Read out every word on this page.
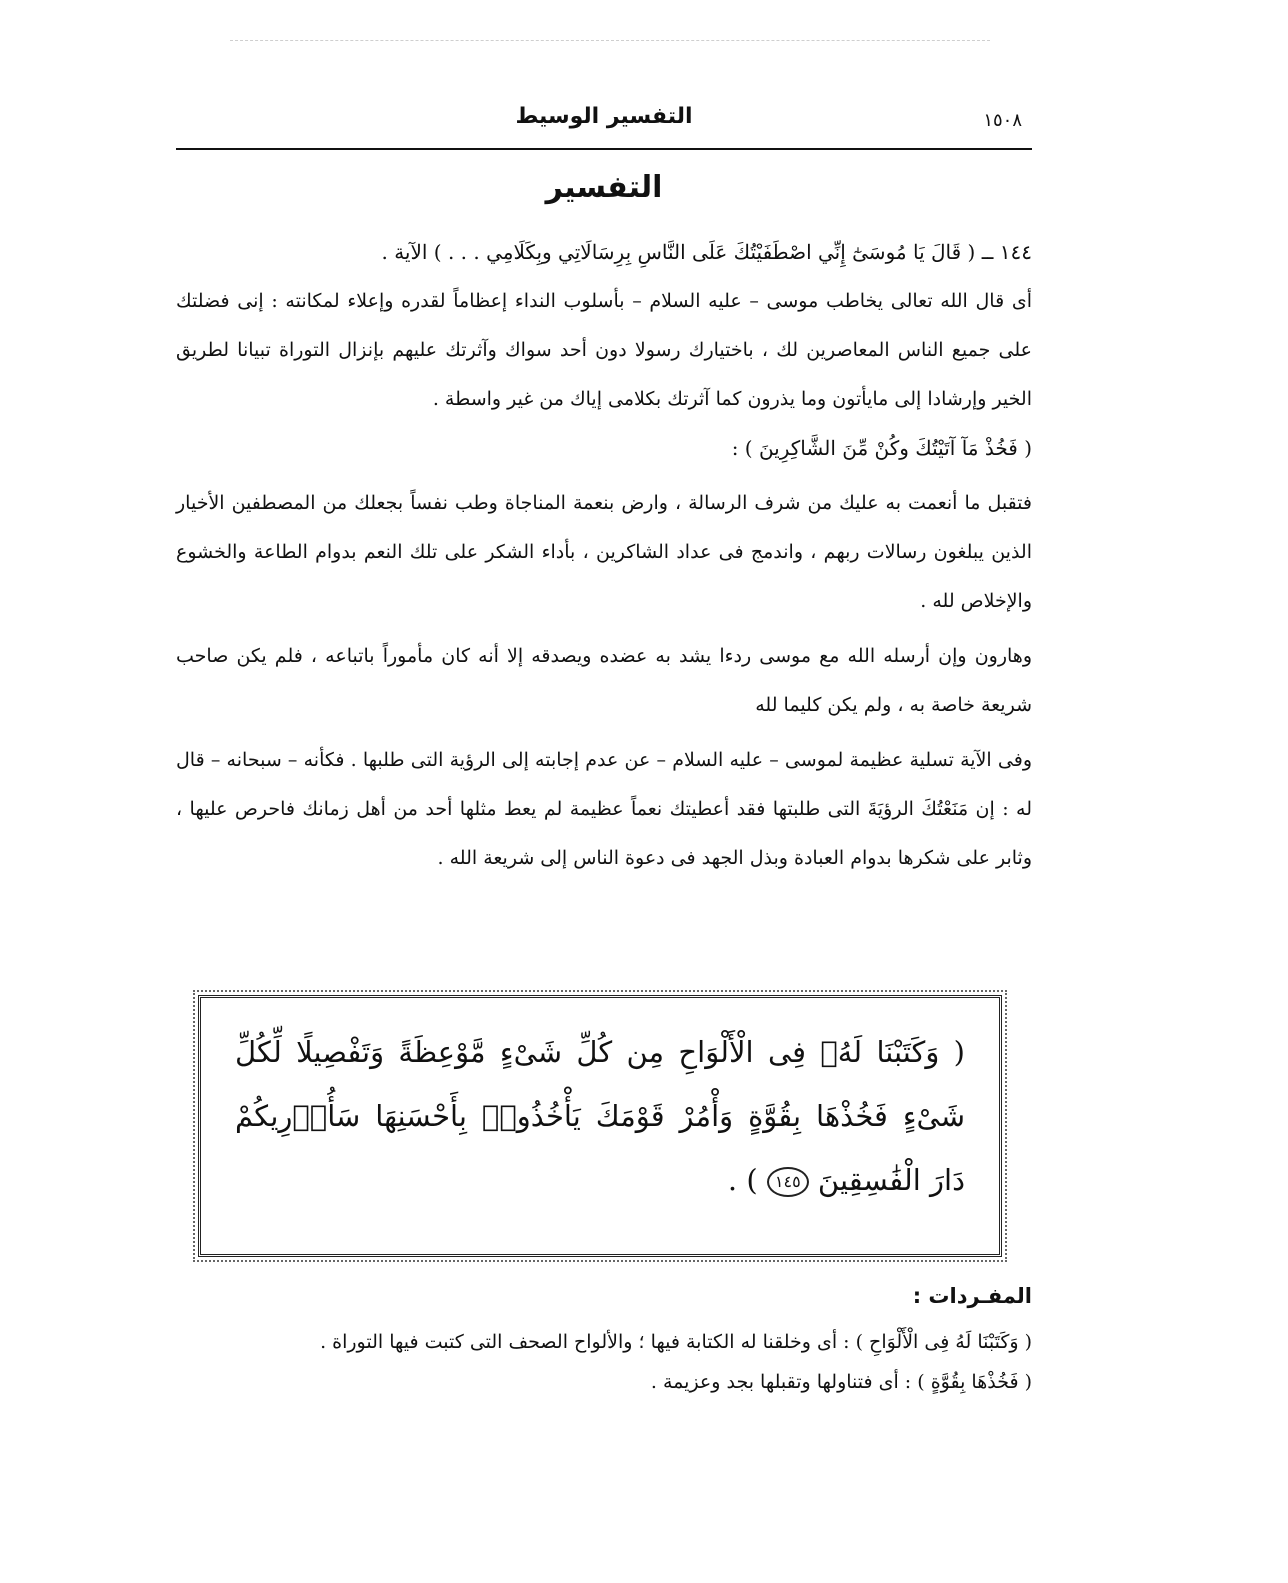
التفسير الوسيط	١٥٠٨
التفسير

١٤٤ ــ ( قَالَ يَا مُوسَىٰٓ إِنِّي اصْطَفَيْتُكَ عَلَى النَّاسِ بِرِسَالَاتِي وبِكَلَامِي . . . ) الآية .

أى قال الله تعالى يخاطب موسى – عليه السلام – بأسلوب النداء إعظاماً لقدره وإعلاء لمكانته : إنى فضلتك على جميع الناس المعاصرين لك ، باختيارك رسولا دون أحد سواك وآثرتك عليهم بإنزال التوراة تبيانا لطريق الخير وإرشادا إلى مايأتون وما يذرون كما آثرتك بكلامى إياك من غير واسطة .

( فَخُذْ مَآ آتَيْتُكَ وكُنْ مِّنَ الشَّاكِرِينَ ) :

فتقبل ما أنعمت به عليك من شرف الرسالة ، وارض بنعمة المناجاة وطب نفساً بجعلك من المصطفين الأخيار الذين يبلغون رسالات ربهم ، واندمج فى عداد الشاكرين ، بأداء الشكر على تلك النعم بدوام الطاعة والخشوع والإخلاص لله .

وهارون وإن أرسله الله مع موسى ردءا يشد به عضده ويصدقه إلا أنه كان مأموراً باتباعه ، فلم يكن صاحب شريعة خاصة به ، ولم يكن كليما لله

وفى الآية تسلية عظيمة لموسى – عليه السلام – عن عدم إجابته إلى الرؤية التى طلبها . فكأنه – سبحانه – قال له : إن مَنَعْتُكَ الرؤيَةَ التى طلبتها فقد أعطيتك نعماً عظيمة لم يعط مثلها أحد من أهل زمانك فاحرص عليها ، وثابر على شكرها بدوام العبادة وبذل الجهد فى دعوة الناس إلى شريعة الله .

( وَكَتَبْنَا لَهُۥ فِى الْأَلْوَاحِ مِن كُلِّ شَىْءٍ مَّوْعِظَةً وَتَفْصِيلًا لِّكُلِّ شَىْءٍ فَخُذْهَا بِقُوَّةٍ وَأْمُرْ قَوْمَكَ يَأْخُذُوا۟ بِأَحْسَنِهَا سَأُو۟رِيكُمْ دَارَ الْفَٰسِقِينَ ١٤٥ ) .

المفـردات :

( وَكَتَبْنَا لَهُ فِى الْأَلْوَاحِ ) : أى وخلقنا له الكتابة فيها ؛ والألواح الصحف التى كتبت فيها التوراة .

( فَخُذْهَا بِقُوَّةٍ ) : أى فتناولها وتقبلها بجد وعزيمة .
